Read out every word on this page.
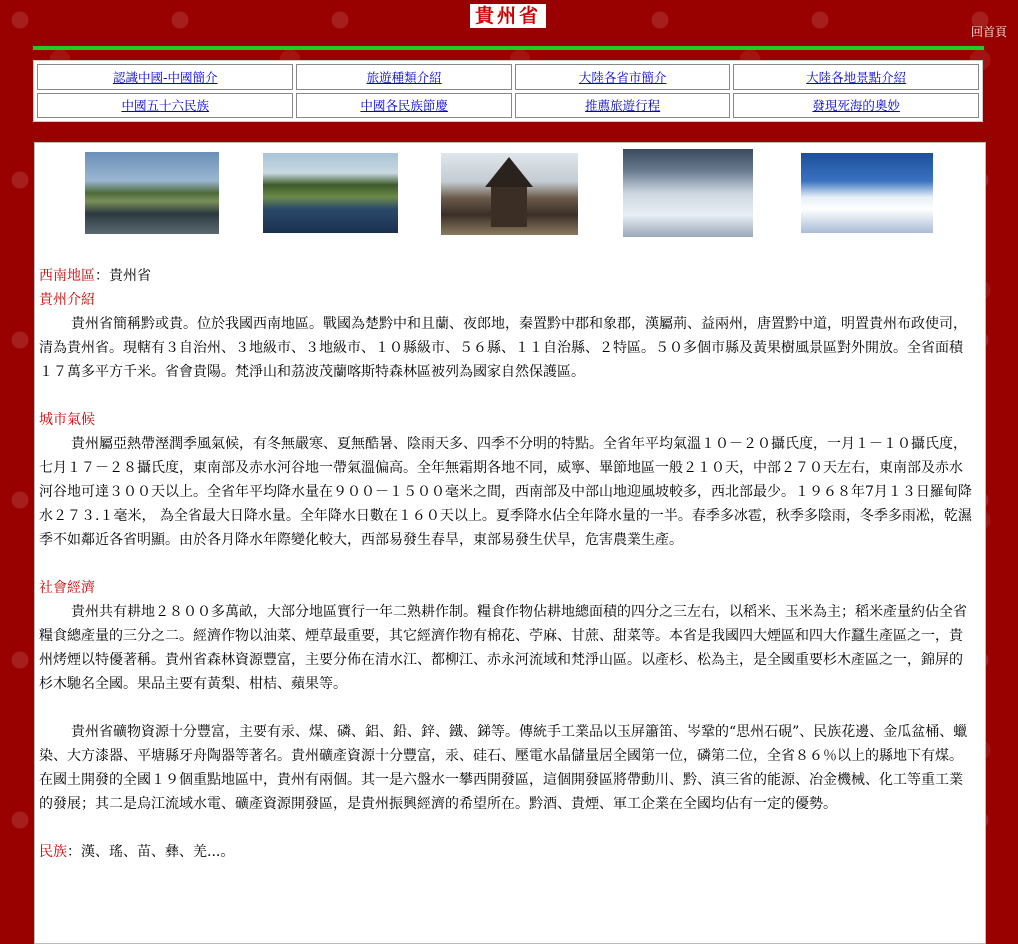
貴州省
回首頁
認識中國-中國簡介	旅遊種類介紹	大陸各省市簡介	大陸各地景點介紹
中國五十六民族	中國各民族節慶	推薦旅遊行程	發現死海的奧妙
西南地區：貴州省
貴州介紹

貴州省簡稱黔或貴。位於我國西南地區。戰國為楚黔中和且蘭、夜郎地，秦置黔中郡和象郡，漢屬荊、益兩州，唐置黔中道，明置貴州布政使司，清為貴州省。現轄有３自治州、３地級市、３地級市、１０縣級市、５６縣、１１自治縣、２特區。５０多個市縣及黃果樹風景區對外開放。全省面積１７萬多平方千米。省會貴陽。梵淨山和茘波茂蘭喀斯特森林區被列為國家自然保護區。

城市氣候

貴州屬亞熱帶溼潤季風氣候，有冬無嚴寒、夏無酷暑、陰雨天多、四季不分明的特點。全省年平均氣溫１０－２０攝氏度，一月１－１０攝氏度，七月１７－２８攝氏度，東南部及赤水河谷地一帶氣溫偏高。全年無霜期各地不同，威寧、畢節地區一般２１０天，中部２７０天左右，東南部及赤水河谷地可達３００天以上。全省年平均降水量在９００－１５００毫米之間，西南部及中部山地迎風坡較多，西北部最少。１９６８年7月１３日羅甸降水２７３.１毫米， 為全省最大日降水量。全年降水日數在１６０天以上。夏季降水佔全年降水量的一半。春季多冰雹，秋季多陰雨，冬季多雨凇，乾濕季不如鄰近各省明顯。由於各月降水年際變化較大，西部易發生春旱，東部易發生伏旱，危害農業生產。

社會經濟

貴州共有耕地２８００多萬畝，大部分地區實行一年二熟耕作制。糧食作物佔耕地總面積的四分之三左右，以稻米、玉米為主；稻米產量約佔全省糧食總產量的三分之二。經濟作物以油菜、煙草最重要，其它經濟作物有棉花、苧麻、甘蔗、甜菜等。本省是我國四大煙區和四大作蠶生產區之一，貴州烤煙以特優著稱。貴州省森林資源豐富，主要分佈在清水江、都柳江、赤永河流域和梵淨山區。以產杉、松為主，是全國重要杉木產區之一，錦屏的杉木馳名全國。果品主要有黃梨、柑桔、蘋果等。

貴州省礦物資源十分豐富，主要有汞、煤、磷、鋁、鉛、鋅、鐵、銻等。傳統手工業品以玉屏簫笛、岑鞏的“思州石硯”、民族花邊、金瓜盆桶、蠟染、大方漆器、平塘縣牙舟陶器等著名。貴州礦產資源十分豐富，汞、硅石、壓電水晶儲量居全國第一位，磷第二位，全省８６％以上的縣地下有煤。在國土開發的全國１９個重點地區中，貴州有兩個。其一是六盤水一攀西開發區，這個開發區將帶動川、黔、滇三省的能源、冶金機械、化工等重工業的發展；其二是烏江流域水電、礦產資源開發區，是貴州振興經濟的希望所在。黔酒、貴煙、軍工企業在全國均佔有一定的優勢。

民族：漢、瑤、苗、彝、羌...。
